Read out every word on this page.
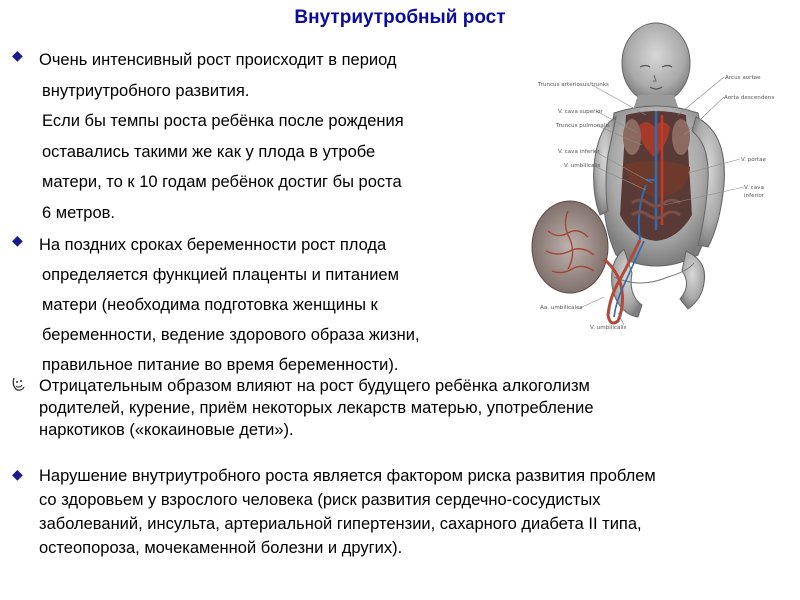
Внутриутробный рост
◆ Очень интенсивный рост происходит в период
внутриутробного развития.
Если бы темпы роста ребёнка после рождения
оставались такими же как у плода в утробе
матери, то к 10 годам ребёнок достиг бы роста
6 метров.
◆ На поздних сроках беременности рост плода
определяется функцией плаценты и питанием
матери (необходима подготовка женщины к
беременности, ведение здорового образа жизни,
правильное питание во время беременности).
Отрицательным образом влияют на рост будущего ребёнка алкоголизм
родителей, курение, приём некоторых лекарств матерью, употребление
наркотиков («кокаиновые дети»).
◆ Нарушение внутриутробного роста является фактором риска развития проблем
со здоровьем у взрослого человека (риск развития сердечно-сосудистых
заболеваний, инсульта, артериальной гипертензии, сахарного диабета II типа,
остеопороза, мочекаменной болезни и других).
Truncus arteriosus/trunks
Arcus aortae
Aorta descendens
V. cava superior
Truncus pulmonalis
V. cava inferior
V. umbilicalis
V. portae
V. cava
inferior
Aa. umbilicales
V. umbilicalis
